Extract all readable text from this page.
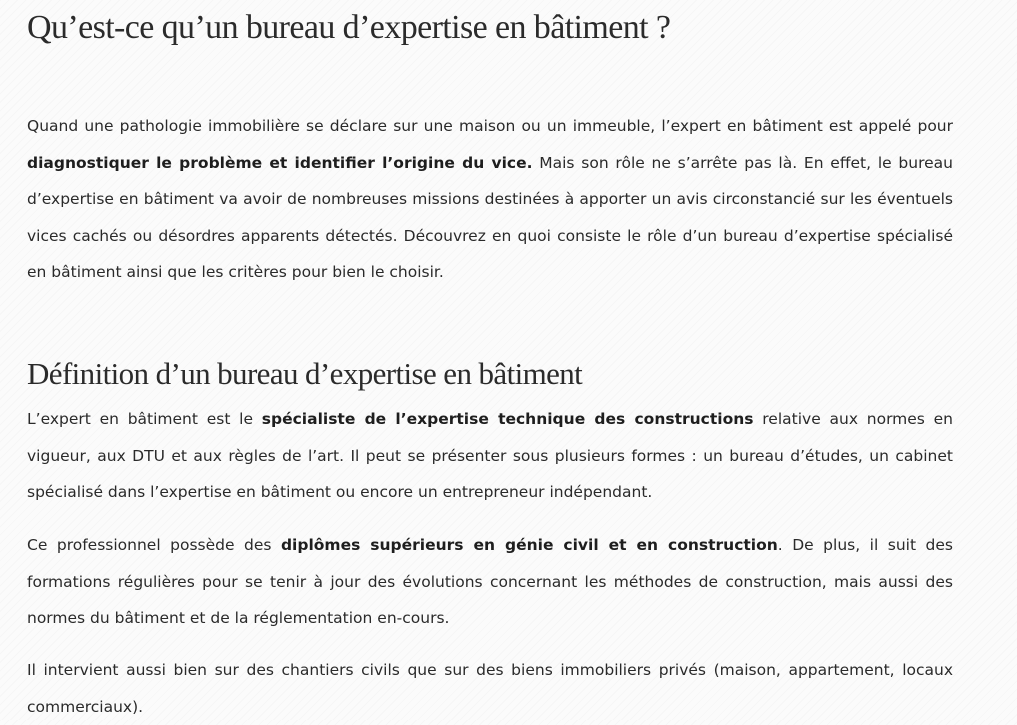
Qu’est-ce qu’un bureau d’expertise en bâtiment ?

Quand une pathologie immobilière se déclare sur une maison ou un immeuble, l’expert en bâtiment est appelé pour diagnostiquer le problème et identifier l’origine du vice. Mais son rôle ne s’arrête pas là. En effet, le bureau d’expertise en bâtiment va avoir de nombreuses missions destinées à apporter un avis circonstancié sur les éventuels vices cachés ou désordres apparents détectés. Découvrez en quoi consiste le rôle d’un bureau d’expertise spécialisé en bâtiment ainsi que les critères pour bien le choisir.

Définition d’un bureau d’expertise en bâtiment

L’expert en bâtiment est le spécialiste de l’expertise technique des constructions relative aux normes en vigueur, aux DTU et aux règles de l’art. Il peut se présenter sous plusieurs formes : un bureau d’études, un cabinet spécialisé dans l’expertise en bâtiment ou encore un entrepreneur indépendant.

Ce professionnel possède des diplômes supérieurs en génie civil et en construction. De plus, il suit des formations régulières pour se tenir à jour des évolutions concernant les méthodes de construction, mais aussi des normes du bâtiment et de la réglementation en-cours.

Il intervient aussi bien sur des chantiers civils que sur des biens immobiliers privés (maison, appartement, locaux commerciaux).
